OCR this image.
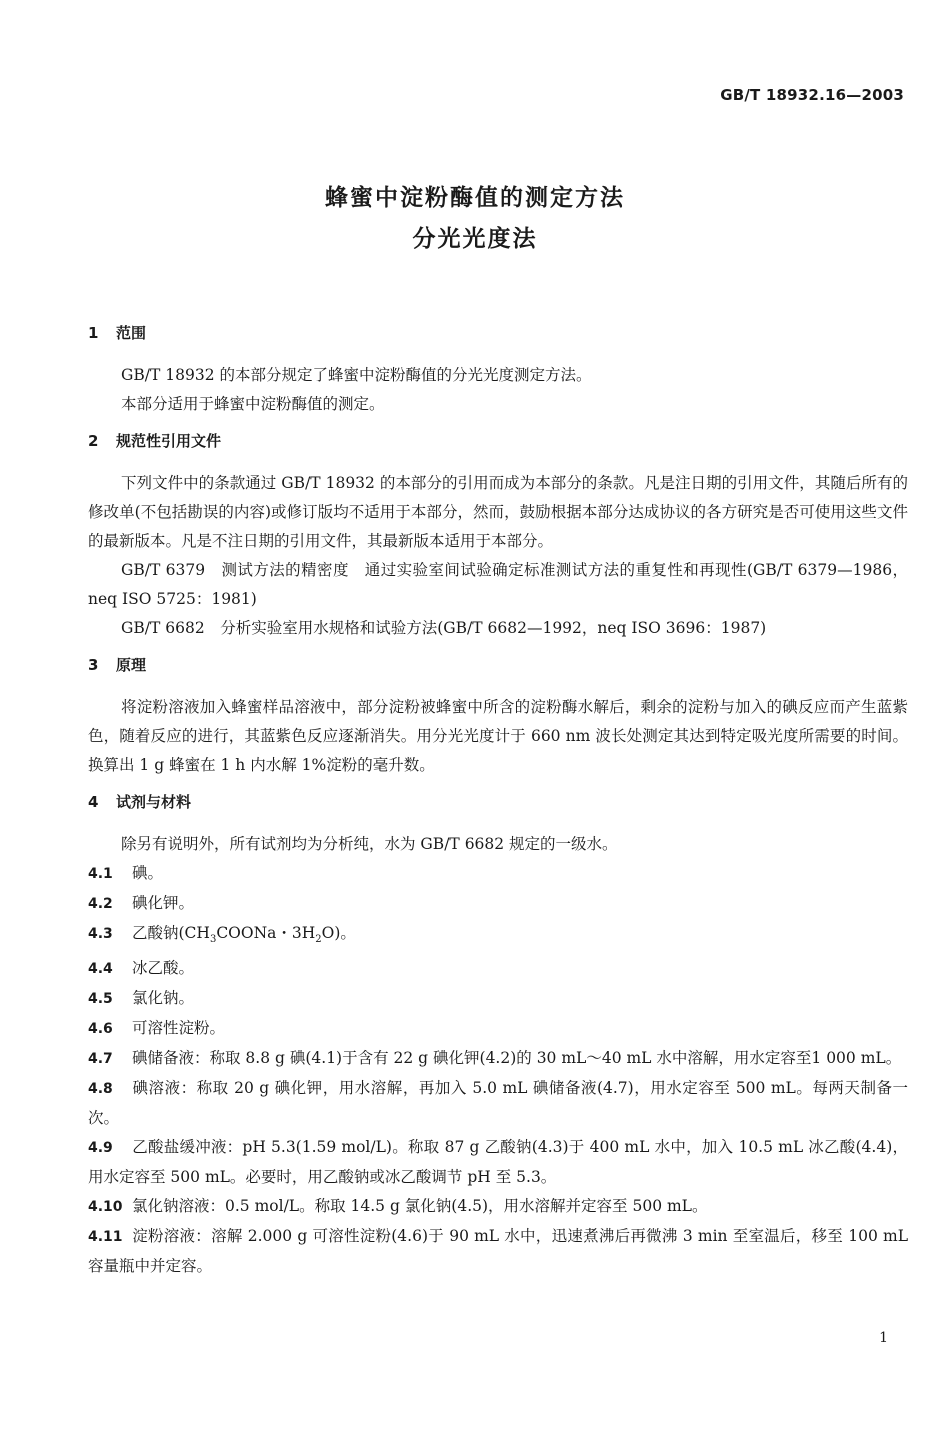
GB/T 18932.16—2003
蜂蜜中淀粉酶值的测定方法
分光光度法
1 范围

GB/T 18932 的本部分规定了蜂蜜中淀粉酶值的分光光度测定方法。

本部分适用于蜂蜜中淀粉酶值的测定。

2 规范性引用文件

下列文件中的条款通过 GB/T 18932 的本部分的引用而成为本部分的条款。凡是注日期的引用文件，其随后所有的修改单(不包括勘误的内容)或修订版均不适用于本部分，然而，鼓励根据本部分达成协议的各方研究是否可使用这些文件的最新版本。凡是不注日期的引用文件，其最新版本适用于本部分。

GB/T 6379　测试方法的精密度　通过实验室间试验确定标准测试方法的重复性和再现性(GB/T 6379—1986，neq ISO 5725：1981)

GB/T 6682　分析实验室用水规格和试验方法(GB/T 6682—1992，neq ISO 3696：1987)

3 原理

将淀粉溶液加入蜂蜜样品溶液中，部分淀粉被蜂蜜中所含的淀粉酶水解后，剩余的淀粉与加入的碘反应而产生蓝紫色，随着反应的进行，其蓝紫色反应逐渐消失。用分光光度计于 660 nm 波长处测定其达到特定吸光度所需要的时间。换算出 1 g 蜂蜜在 1 h 内水解 1%淀粉的毫升数。

4 试剂与材料

除另有说明外，所有试剂均为分析纯，水为 GB/T 6682 规定的一级水。

4.1 碘。

4.2 碘化钾。

4.3 乙酸钠($CH_3COONa$・$3H_2O$)。

4.4 冰乙酸。

4.5 氯化钠。

4.6 可溶性淀粉。

4.7 碘储备液：称取 8.8 g 碘(4.1)于含有 22 g 碘化钾(4.2)的 30 mL～40 mL 水中溶解，用水定容至1 000 mL。

4.8 碘溶液：称取 20 g 碘化钾，用水溶解，再加入 5.0 mL 碘储备液(4.7)，用水定容至 500 mL。每两天制备一次。

4.9 乙酸盐缓冲液：pH 5.3(1.59 mol/L)。称取 87 g 乙酸钠(4.3)于 400 mL 水中，加入 10.5 mL 冰乙酸(4.4)，用水定容至 500 mL。必要时，用乙酸钠或冰乙酸调节 pH 至 5.3。

4.10 氯化钠溶液：0.5 mol/L。称取 14.5 g 氯化钠(4.5)，用水溶解并定容至 500 mL。

4.11 淀粉溶液：溶解 2.000 g 可溶性淀粉(4.6)于 90 mL 水中，迅速煮沸后再微沸 3 min 至室温后，移至 100 mL 容量瓶中并定容。

1
